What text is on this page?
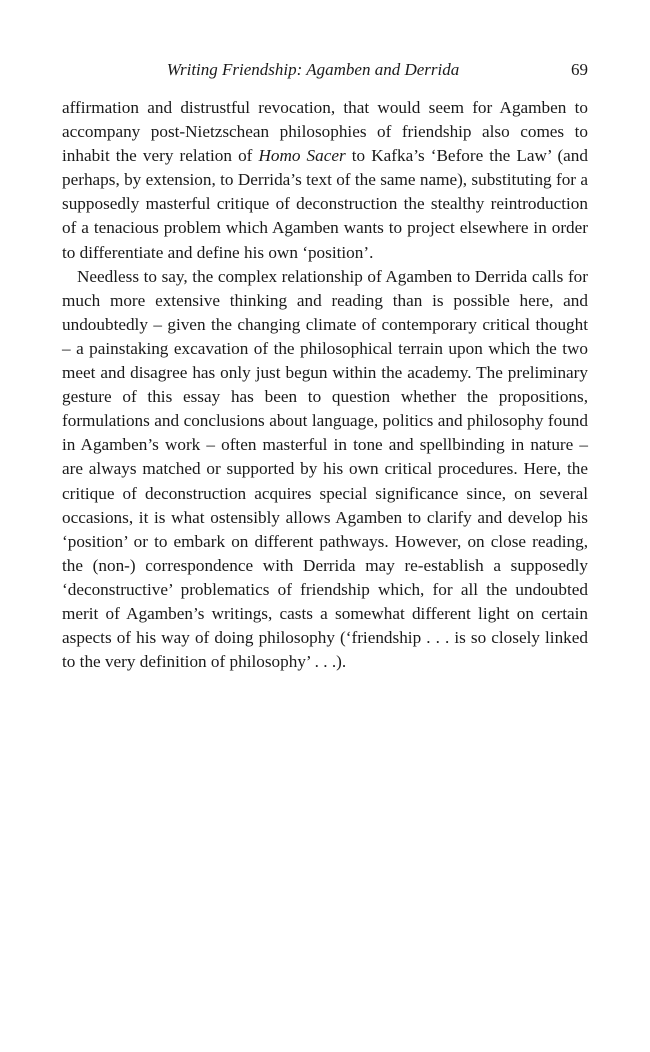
Writing Friendship: Agamben and Derrida	69

affirmation and distrustful revocation, that would seem for Agamben to accompany post-Nietzschean philosophies of friendship also comes to inhabit the very relation of Homo Sacer to Kafka’s ‘Before the Law’ (and perhaps, by extension, to Derrida’s text of the same name), substituting for a supposedly masterful critique of deconstruction the stealthy reintroduction of a tenacious problem which Agamben wants to project elsewhere in order to differentiate and define his own ‘position’.

Needless to say, the complex relationship of Agamben to Derrida calls for much more extensive thinking and reading than is possible here, and undoubtedly – given the changing climate of contemporary critical thought – a painstaking excavation of the philosophical terrain upon which the two meet and disagree has only just begun within the academy. The preliminary gesture of this essay has been to question whether the propositions, formulations and conclusions about language, politics and philosophy found in Agamben’s work – often masterful in tone and spellbinding in nature – are always matched or supported by his own critical procedures. Here, the critique of deconstruction acquires special significance since, on several occasions, it is what ostensibly allows Agamben to clarify and develop his ‘position’ or to embark on different pathways. However, on close reading, the (non-) correspondence with Derrida may re-establish a supposedly ‘deconstructive’ problematics of friendship which, for all the undoubted merit of Agamben’s writings, casts a somewhat different light on certain aspects of his way of doing philosophy (‘friendship . . . is so closely linked to the very definition of philosophy’ . . .).
